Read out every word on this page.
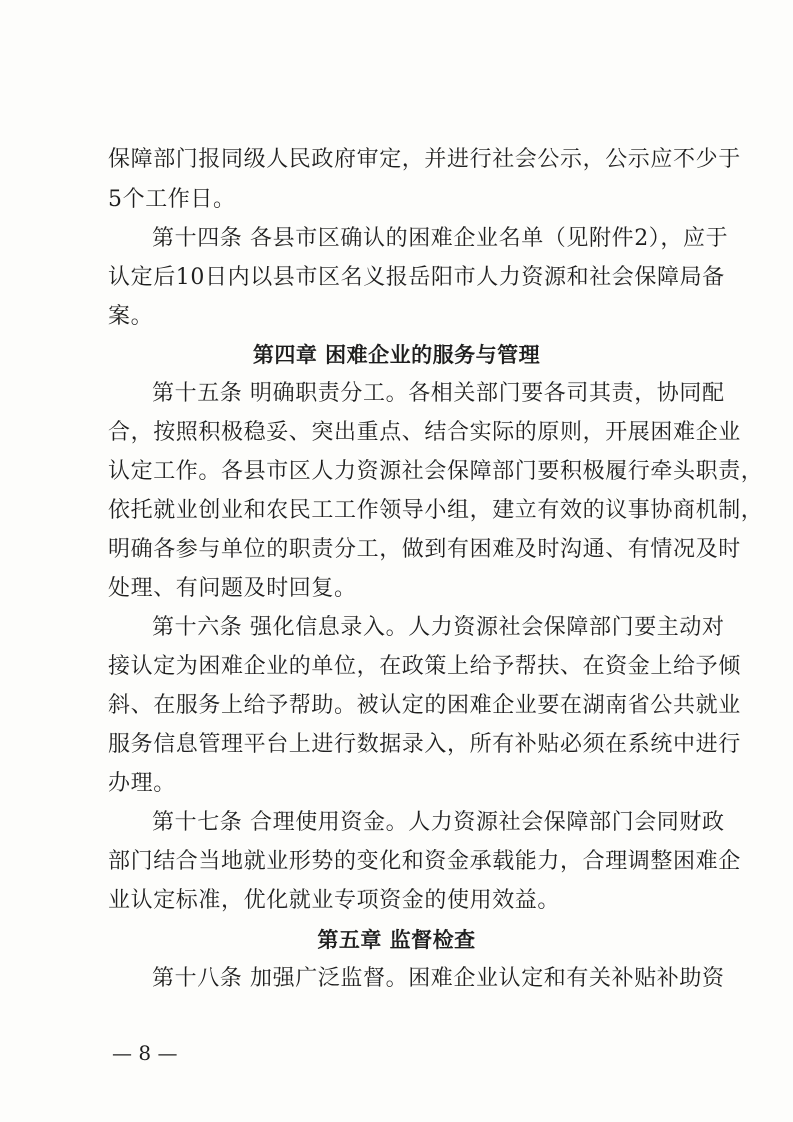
保障部门报同级人民政府审定，并进行社会公示，公示应不少于
5个工作日。
第十四条 各县市区确认的困难企业名单（见附件2），应于
认定后10日内以县市区名义报岳阳市人力资源和社会保障局备
案。
第四章 困难企业的服务与管理
第十五条 明确职责分工。各相关部门要各司其责，协同配
合，按照积极稳妥、突出重点、结合实际的原则，开展困难企业
认定工作。各县市区人力资源社会保障部门要积极履行牵头职责，
依托就业创业和农民工工作领导小组，建立有效的议事协商机制，
明确各参与单位的职责分工，做到有困难及时沟通、有情况及时
处理、有问题及时回复。
第十六条 强化信息录入。人力资源社会保障部门要主动对
接认定为困难企业的单位，在政策上给予帮扶、在资金上给予倾
斜、在服务上给予帮助。被认定的困难企业要在湖南省公共就业
服务信息管理平台上进行数据录入，所有补贴必须在系统中进行
办理。
第十七条 合理使用资金。人力资源社会保障部门会同财政
部门结合当地就业形势的变化和资金承载能力，合理调整困难企
业认定标准，优化就业专项资金的使用效益。
第五章 监督检查
第十八条 加强广泛监督。困难企业认定和有关补贴补助资
— 8 —
